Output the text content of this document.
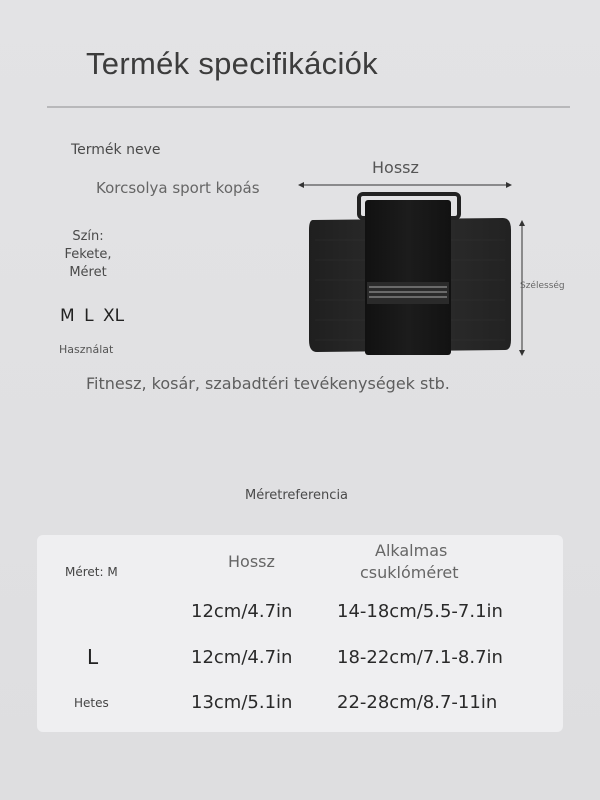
Termék specifikációk
Termék neve
Korcsolya sport kopás
Szín:
Fekete,
Méret
M L XL
Használat
Fitnesz, kosár, szabadtéri tevékenységek stb.
Hossz
Szélesség
Méretreferencia
Méret: M
Hossz
Alkalmas
csuklóméret
12cm/4.7in 14-18cm/5.5-7.1in
L	12cm/4.7in 18-22cm/7.1-8.7in
Hetes	13cm/5.1in 22-28cm/8.7-11in
